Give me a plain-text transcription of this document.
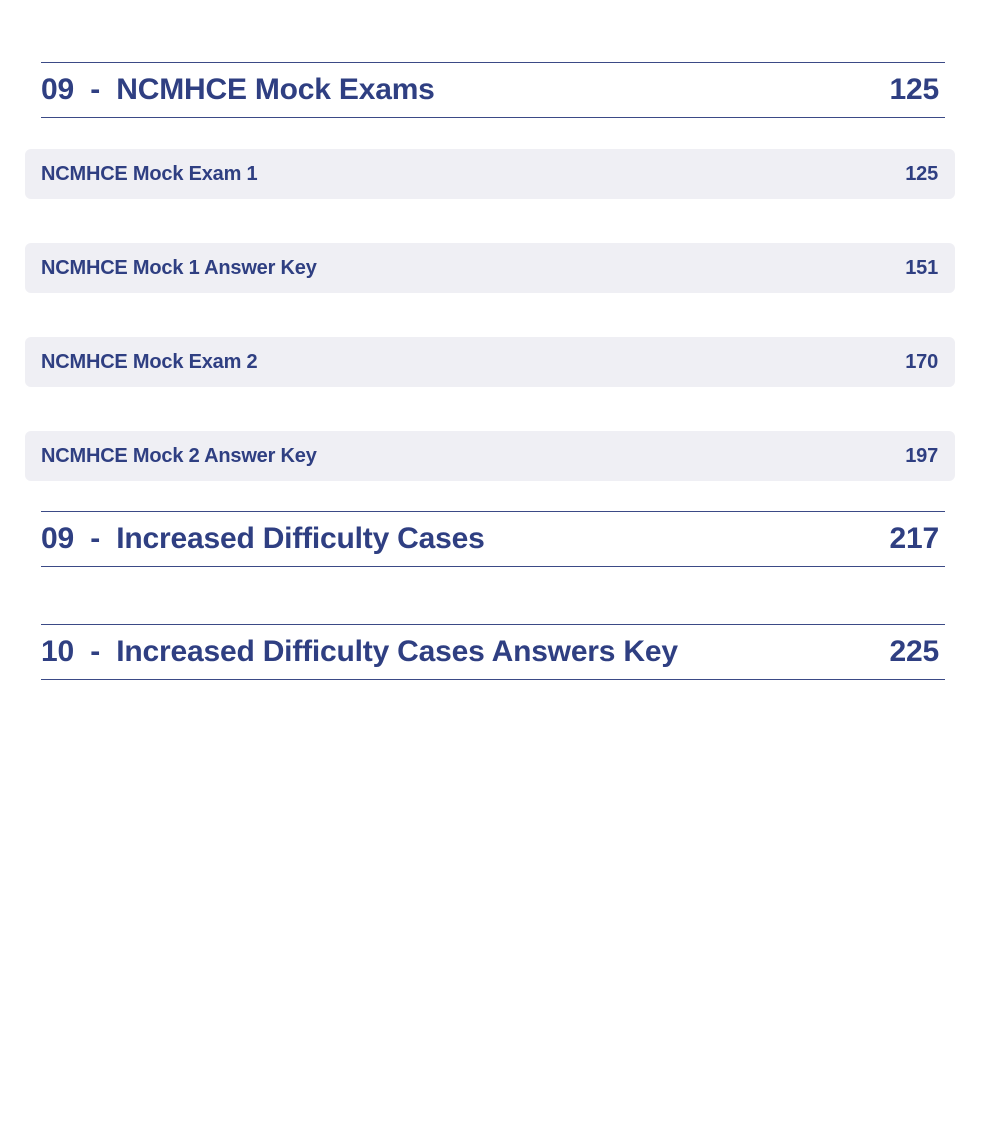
09  -  NCMHCE Mock Exams	125
NCMHCE Mock Exam 1	125
NCMHCE Mock 1 Answer Key	151
NCMHCE Mock Exam 2	170
NCMHCE Mock 2 Answer Key	197
09  -  Increased Difficulty Cases	217
10  -  Increased Difficulty Cases Answers Key	225
